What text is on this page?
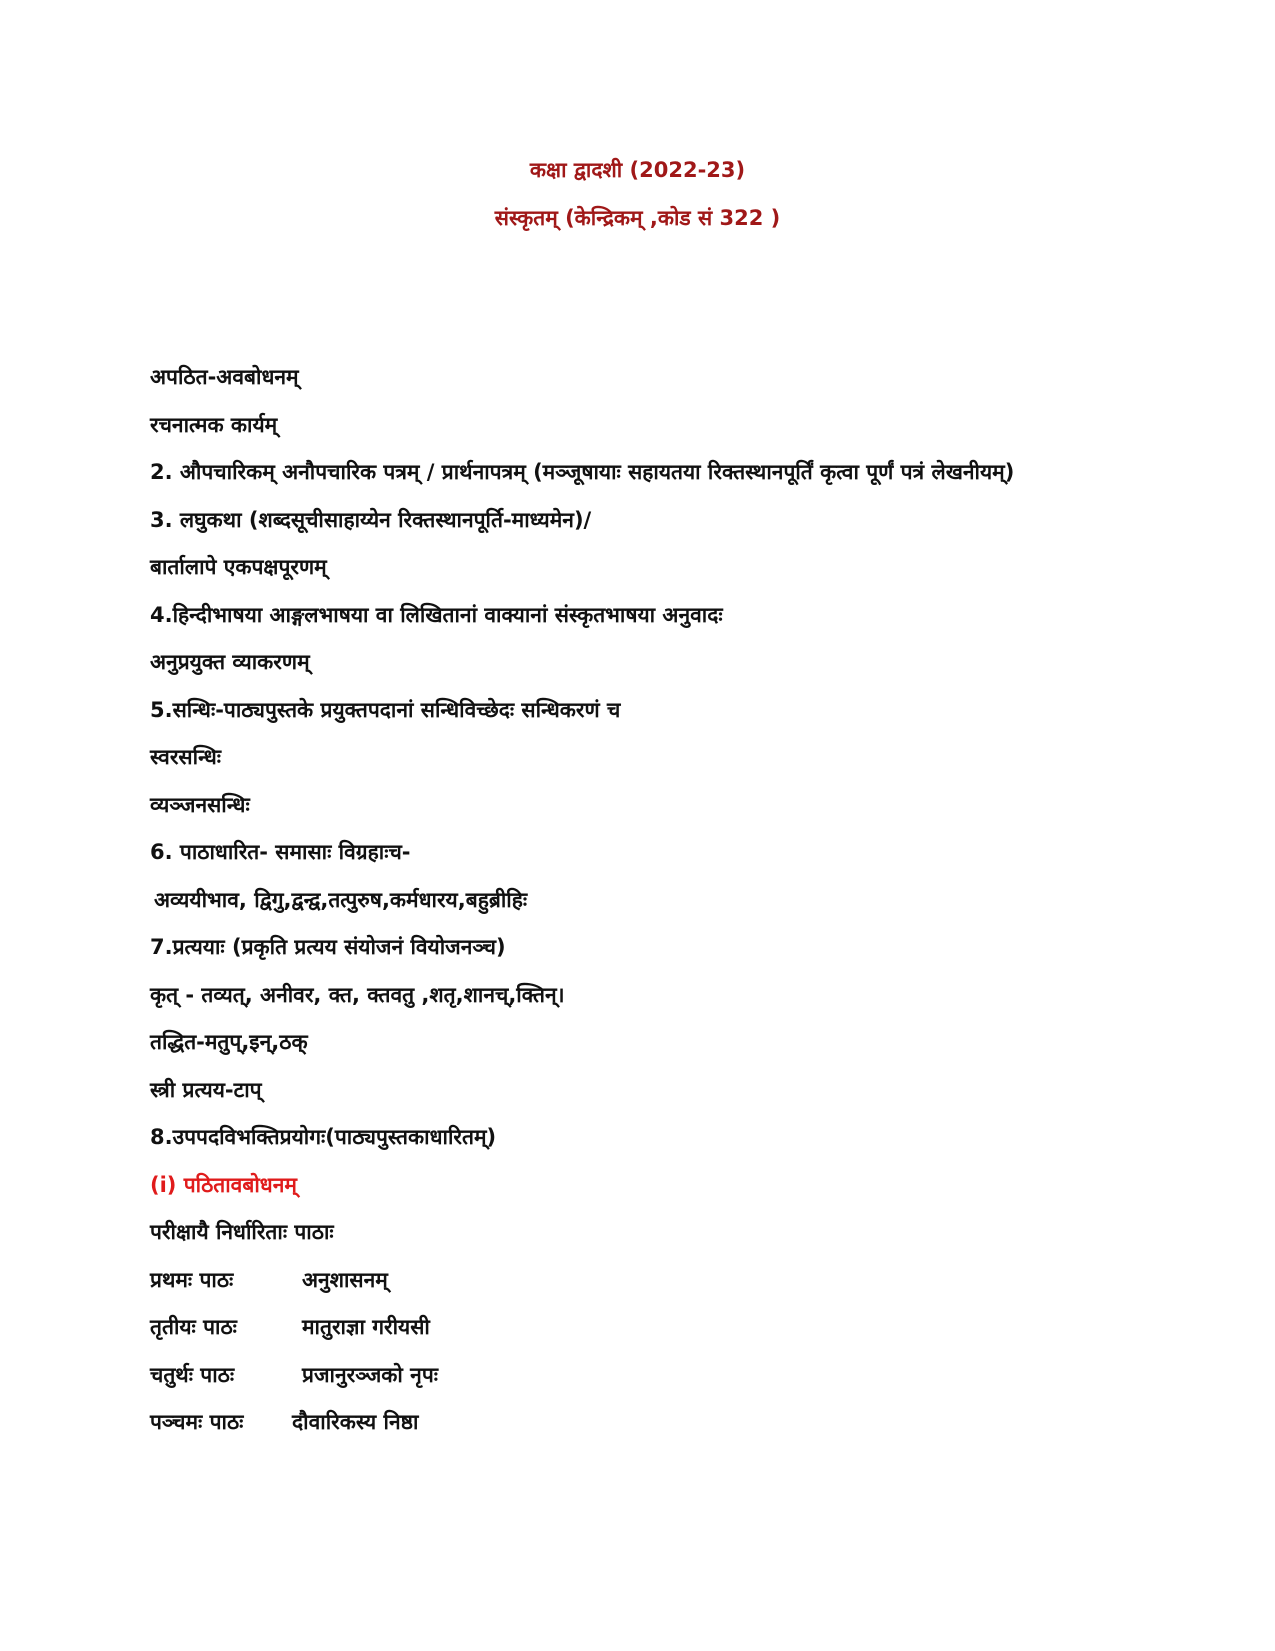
कक्षा द्वादशी (2022-23)
संस्कृतम् (केन्द्रिकम् ,कोड सं 322 )
अपठित-अवबोधनम्
रचनात्मक कार्यम्
2. औपचारिकम् अनौपचारिक पत्रम् / प्रार्थनापत्रम् (मञ्जूषायाः सहायतया रिक्तस्थानपूर्तिं कृत्वा पूर्णं पत्रं लेखनीयम्)
3. लघुकथा (शब्दसूचीसाहाय्येन रिक्तस्थानपूर्ति-माध्यमेन)/
बार्तालापे एकपक्षपूरणम्
4.हिन्दीभाषया आङ्गलभाषया वा लिखितानां वाक्यानां संस्कृतभाषया अनुवादः
अनुप्रयुक्त व्याकरणम्
5.सन्धिः-पाठ्यपुस्तके प्रयुक्तपदानां सन्धिविच्छेदः सन्धिकरणं च
स्वरसन्धिः
व्यञ्जनसन्धिः
6. पाठाधारित- समासाः विग्रहाःच-
अव्ययीभाव, द्विगु,द्वन्द्व,तत्पुरुष,कर्मधारय,बहुब्रीहिः
7.प्रत्ययाः (प्रकृति प्रत्यय संयोजनं वियोजनञ्च)
कृत् - तव्यत्, अनीवर, क्त, क्तवतु ,शतृ,शानच्,क्तिन्।
तद्धित-मतुप्,इन्,ठक्
स्त्री प्रत्यय-टाप्
8.उपपदविभक्तिप्रयोगः(पाठ्यपुस्तकाधारितम्)
(i) पठितावबोधनम्
परीक्षायै निर्धारिताः पाठाः
प्रथमः पाठः	अनुशासनम्
तृतीयः पाठः	मातुराज्ञा गरीयसी
चतुर्थः पाठः	प्रजानुरञ्जको नृपः
पञ्चमः पाठः	दौवारिकस्य निष्ठा
